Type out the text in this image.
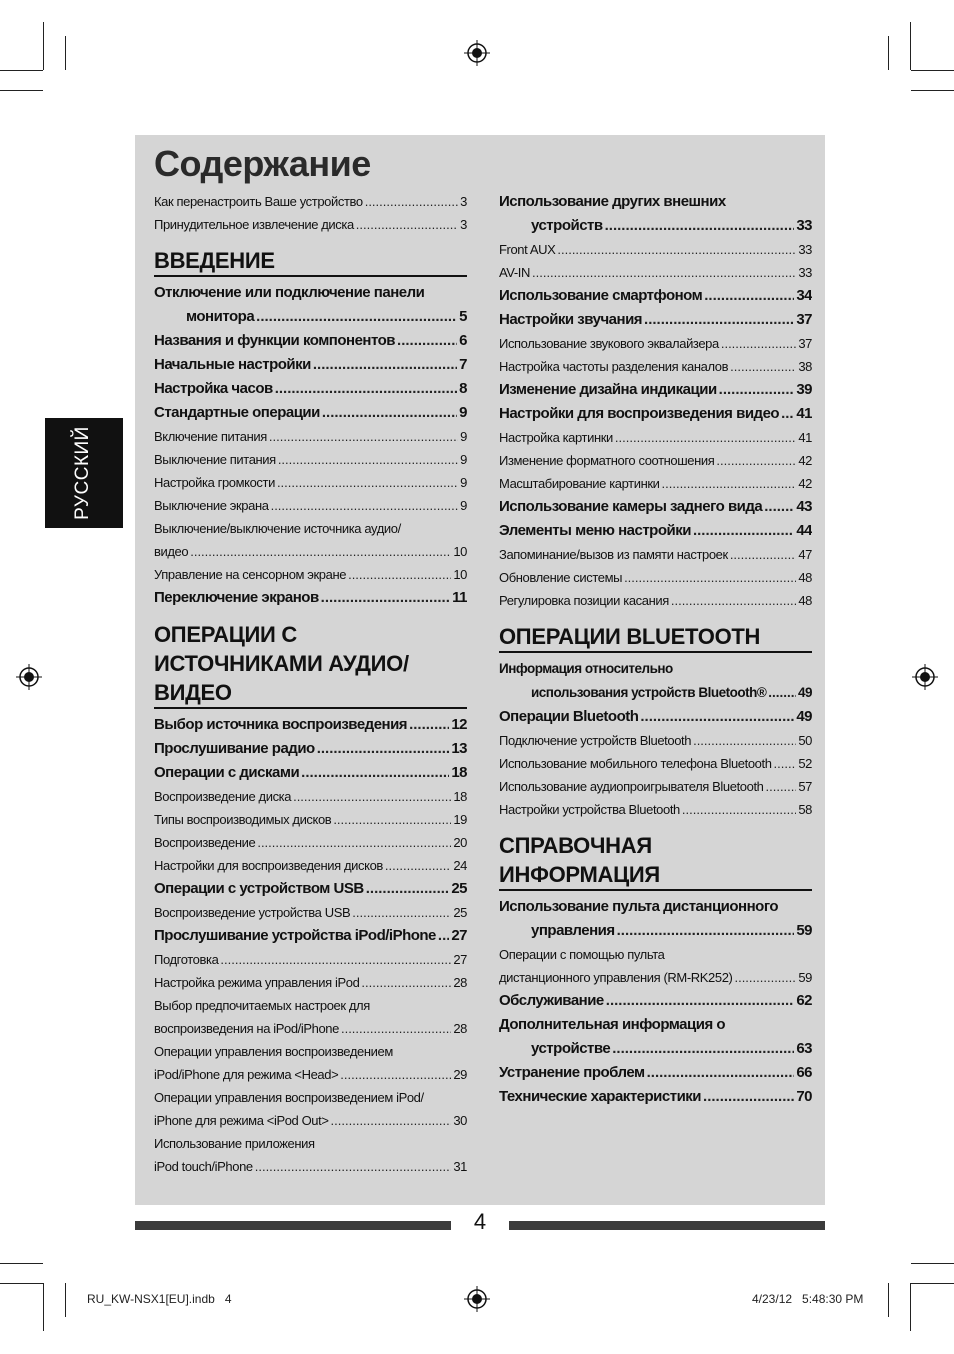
Содержание
РУССКИЙ
Как перенастроить Ваше устройство .....	3
Принудительное извлечение диска .....	3
ВВЕДЕНИЕ
Отключение или подключение панели
монитора .....	5
Названия и функции компонентов .....	6
Начальные настройки .....	7
Настройка часов .....	8
Стандартные операции .....	9
Включение питания .....	9
Выключение питания .....	9
Настройка громкости .....	9
Выключение экрана .....	9
Выключение/выключение источника аудио/
видео .....	10
Управление на сенсорном экране .....	10
Переключение экранов .....	11
ОПЕРАЦИИ С
ИСТОЧНИКАМИ АУДИО/
ВИДЕО
Выбор источника воспроизведения .....	12
Прослушивание радио .....	13
Операции с дисками .....	18
Воспроизведение диска .....	18
Типы воспроизводимых дисков .....	19
Воспроизведение .....	20
Настройки для воспроизведения дисков .....	24
Операции с устройством USB .....	25
Воспроизведение устройства USB .....	25
Прослушивание устройства iPod/iPhone ..... 27
Подготовка .....	27
Настройка режима управления iPod .....	28
Выбор предпочитаемых настроек для
воспроизведения на iPod/iPhone .....	28
Операции управления воспроизведением
iPod/iPhone для режима <Head> .....	29
Операции управления воспроизведением iPod/
iPhone для режима <iPod Out> .....	30
Использование приложения
iPod touch/iPhone .....	31
Использование других внешних
устройств .....	33
Front AUX .....	33
AV-IN .....	33
Использование смартфоном .....	34
Настройки звучания .....	37
Использование звукового эквалайзера .....	37
Настройка частоты разделения каналов .....	38
Изменение дизайна индикации .....	39
Настройки для воспроизведения видео ..... 41
Настройка картинки .....	41
Изменение форматного соотношения .....	42
Масштабирование картинки .....	42
Использование камеры заднего вида ..... 43
Элементы меню настройки .....	44
Запоминание/вызов из памяти настроек .....	47
Обновление системы .....	48
Регулировка позиции касания .....	48
ОПЕРАЦИИ BLUETOOTH
Информация относительно
использования устройств Bluetooth® ..... 49
Операции Bluetooth .....	49
Подключение устройств Bluetooth .....	50
Использование мобильного телефона Bluetooth ..... 52
Использование аудиопроигрывателя Bluetooth .....	57
Настройки устройства Bluetooth .....	58
СПРАВОЧНАЯ
ИНФОРМАЦИЯ
Использование пульта дистанционного
управления .....	59
Операции с помощью пульта
дистанционного управления (RM-RK252) .....	59
Обслуживание .....	62
Дополнительная информация о
устройстве .....	63
Устранение проблем .....	66
Технические характеристики .....	70
4
RU_KW-NSX1[EU].indb   4	4/23/12   5:48:30 PM
